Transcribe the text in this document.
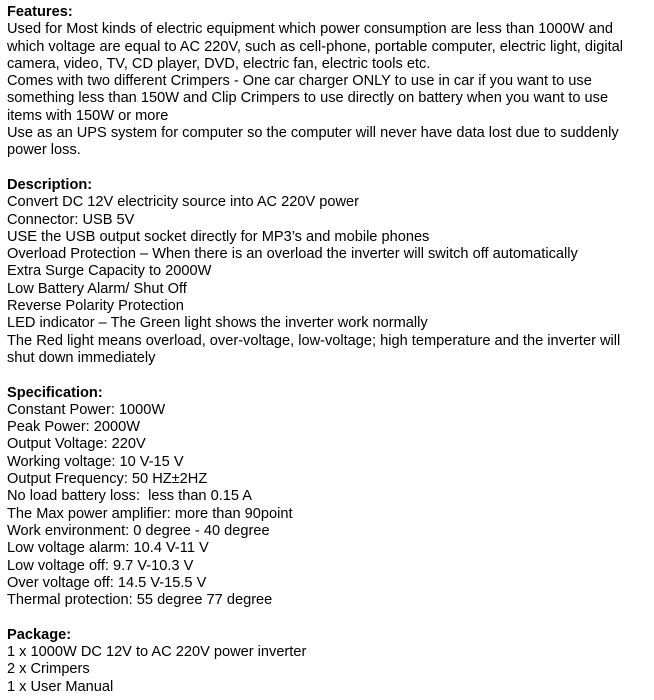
Features:
Used for Most kinds of electric equipment which power consumption are less than 1000W and
which voltage are equal to AC 220V, such as cell-phone, portable computer, electric light, digital
camera, video, TV, CD player, DVD, electric fan, electric tools etc.
Comes with two different Crimpers - One car charger ONLY to use in car if you want to use
something less than 150W and Clip Crimpers to use directly on battery when you want to use
items with 150W or more
Use as an UPS system for computer so the computer will never have data lost due to suddenly
power loss.
Description:
Convert DC 12V electricity source into AC 220V power
Connector: USB 5V
USE the USB output socket directly for MP3’s and mobile phones
Overload Protection – When there is an overload the inverter will switch off automatically
Extra Surge Capacity to 2000W
Low Battery Alarm/ Shut Off
Reverse Polarity Protection
LED indicator – The Green light shows the inverter work normally
The Red light means overload, over-voltage, low-voltage; high temperature and the inverter will
shut down immediately
Specification:
Constant Power: 1000W
Peak Power: 2000W
Output Voltage: 220V
Working voltage: 10 V-15 V
Output Frequency: 50 HZ±2HZ
No load battery loss:  less than 0.15 A
The Max power amplifier: more than 90point
Work environment: 0 degree - 40 degree
Low voltage alarm: 10.4 V-11 V
Low voltage off: 9.7 V-10.3 V
Over voltage off: 14.5 V-15.5 V
Thermal protection: 55 degree 77 degree
Package:
1 x 1000W DC 12V to AC 220V power inverter
2 x Crimpers
1 x User Manual
